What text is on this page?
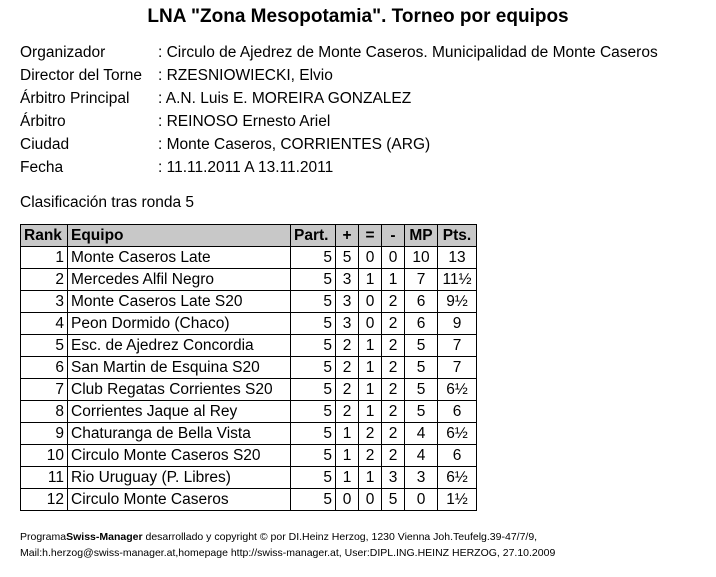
LNA "Zona Mesopotamia". Torneo por equipos
Organizador	: Circulo de Ajedrez de Monte Caseros. Municipalidad de Monte Caseros
Director del Torne	: RZESNIOWIECKI, Elvio
Árbitro Principal	: A.N. Luis E. MOREIRA GONZALEZ
Árbitro	: REINOSO Ernesto Ariel
Ciudad	: Monte Caseros, CORRIENTES (ARG)
Fecha	: 11.11.2011 A 13.11.2011
Clasificación tras ronda 5
Rank	Equipo	Part.	+	=	-	MP	Pts.
1	Monte Caseros Late	5	5	0	0	10	13
2	Mercedes Alfil Negro	5	3	1	1	7	11½
3	Monte Caseros Late S20	5	3	0	2	6	9½
4	Peon Dormido (Chaco)	5	3	0	2	6	9
5	Esc. de Ajedrez Concordia	5	2	1	2	5	7
6	San Martin de Esquina S20	5	2	1	2	5	7
7	Club Regatas Corrientes S20	5	2	1	2	5	6½
8	Corrientes Jaque al Rey	5	2	1	2	5	6
9	Chaturanga de Bella Vista	5	1	2	2	4	6½
10	Circulo Monte Caseros S20	5	1	2	2	4	6
11	Rio Uruguay (P. Libres)	5	1	1	3	3	6½
12	Circulo Monte Caseros	5	0	0	5	0	1½
ProgramaSwiss-Manager desarrollado y copyright © por DI.Heinz Herzog, 1230 Vienna Joh.Teufelg.39-47/7/9,
Mail:h.herzog@swiss-manager.at,homepage http://swiss-manager.at, User:DIPL.ING.HEINZ HERZOG, 27.10.2009
